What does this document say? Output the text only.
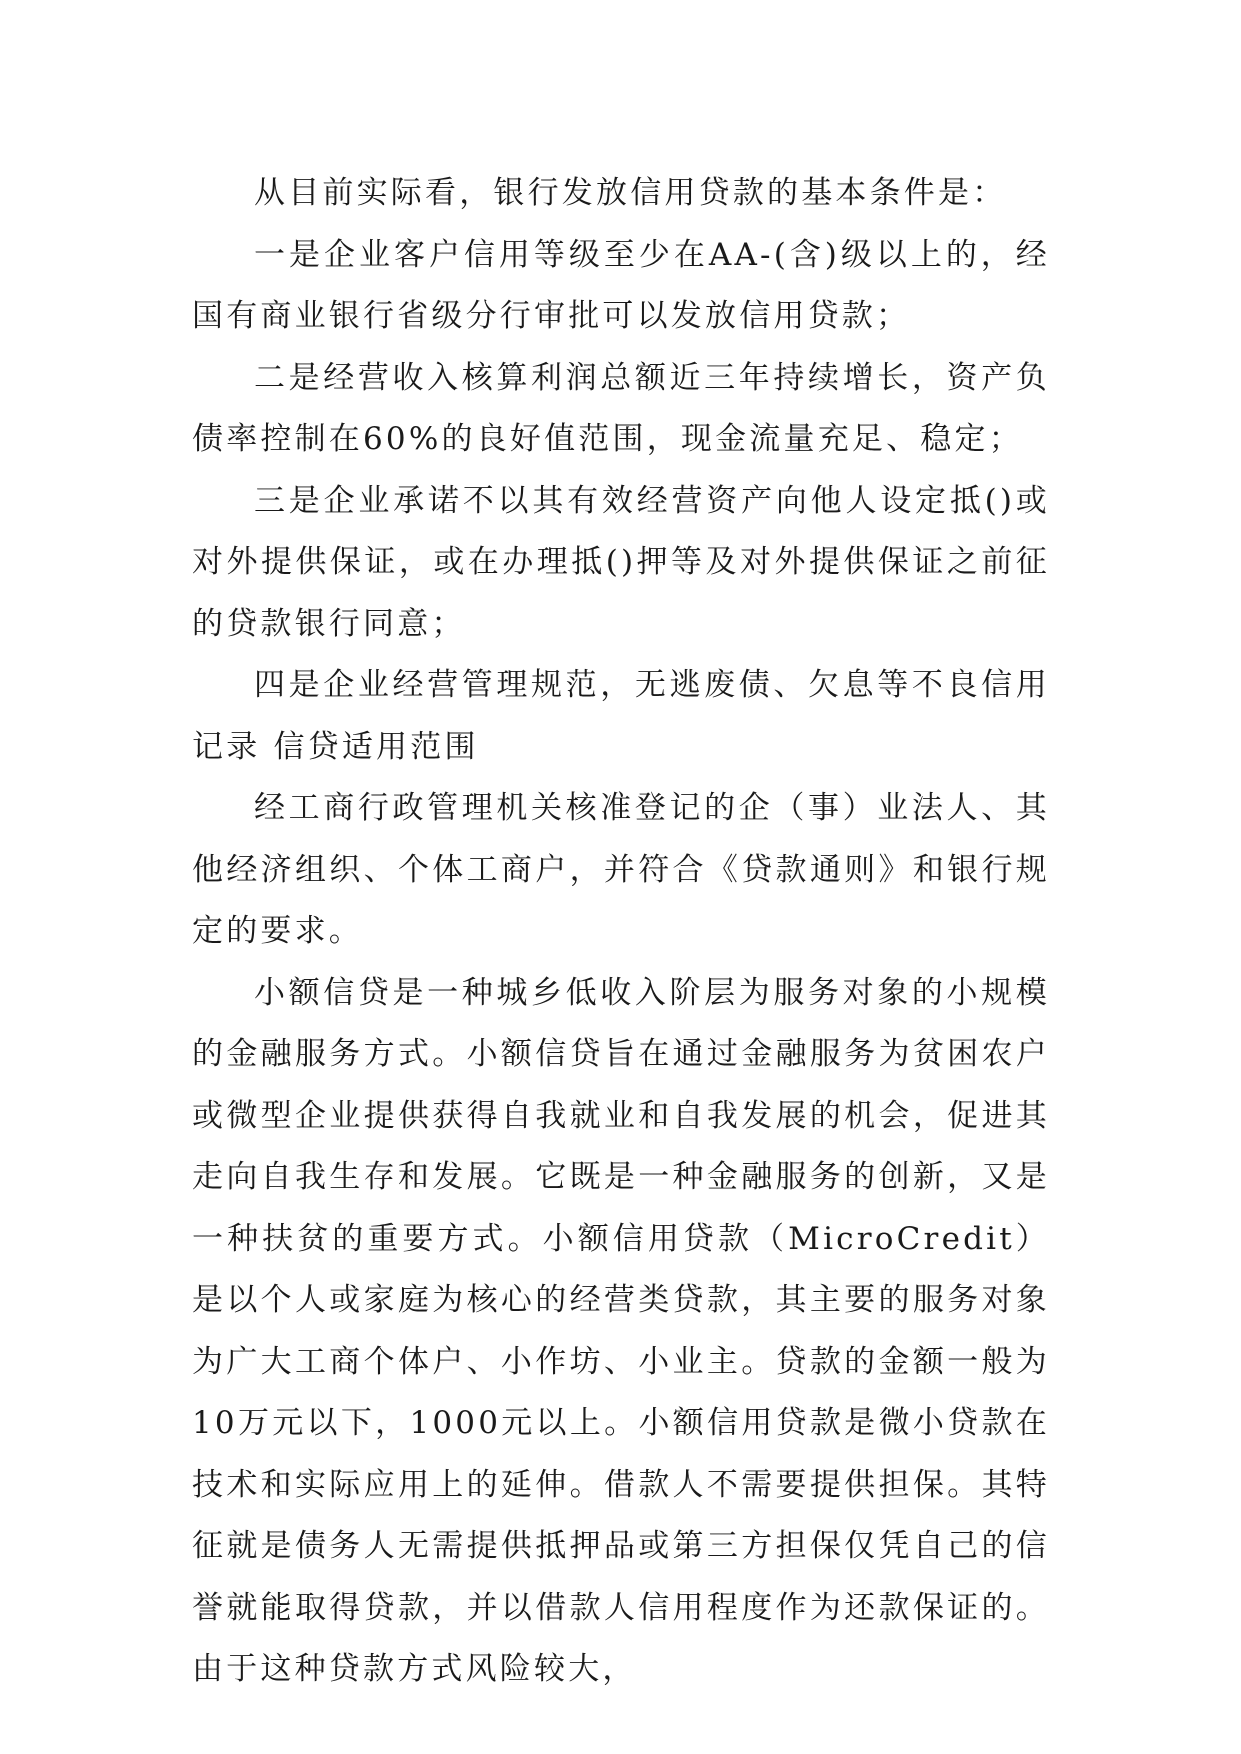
从目前实际看，银行发放信用贷款的基本条件是：

一是企业客户信用等级至少在AA-(含)级以上的，经国有商业银行省级分行审批可以发放信用贷款；

二是经营收入核算利润总额近三年持续增长，资产负债率控制在60%的良好值范围，现金流量充足、稳定；

三是企业承诺不以其有效经营资产向他人设定抵()或对外提供保证，或在办理抵()押等及对外提供保证之前征的贷款银行同意；

四是企业经营管理规范，无逃废债、欠息等不良信用记录 信贷适用范围

经工商行政管理机关核准登记的企（事）业法人、其他经济组织、个体工商户，并符合《贷款通则》和银行规定的要求。

小额信贷是一种城乡低收入阶层为服务对象的小规模的金融服务方式。小额信贷旨在通过金融服务为贫困农户或微型企业提供获得自我就业和自我发展的机会，促进其走向自我生存和发展。它既是一种金融服务的创新，又是一种扶贫的重要方式。小额信用贷款（MicroCredit）是以个人或家庭为核心的经营类贷款，其主要的服务对象为广大工商个体户、小作坊、小业主。贷款的金额一般为10万元以下，1000元以上。小额信用贷款是微小贷款在技术和实际应用上的延伸。借款人不需要提供担保。其特征就是债务人无需提供抵押品或第三方担保仅凭自己的信誉就能取得贷款，并以借款人信用程度作为还款保证的。由于这种贷款方式风险较大，
